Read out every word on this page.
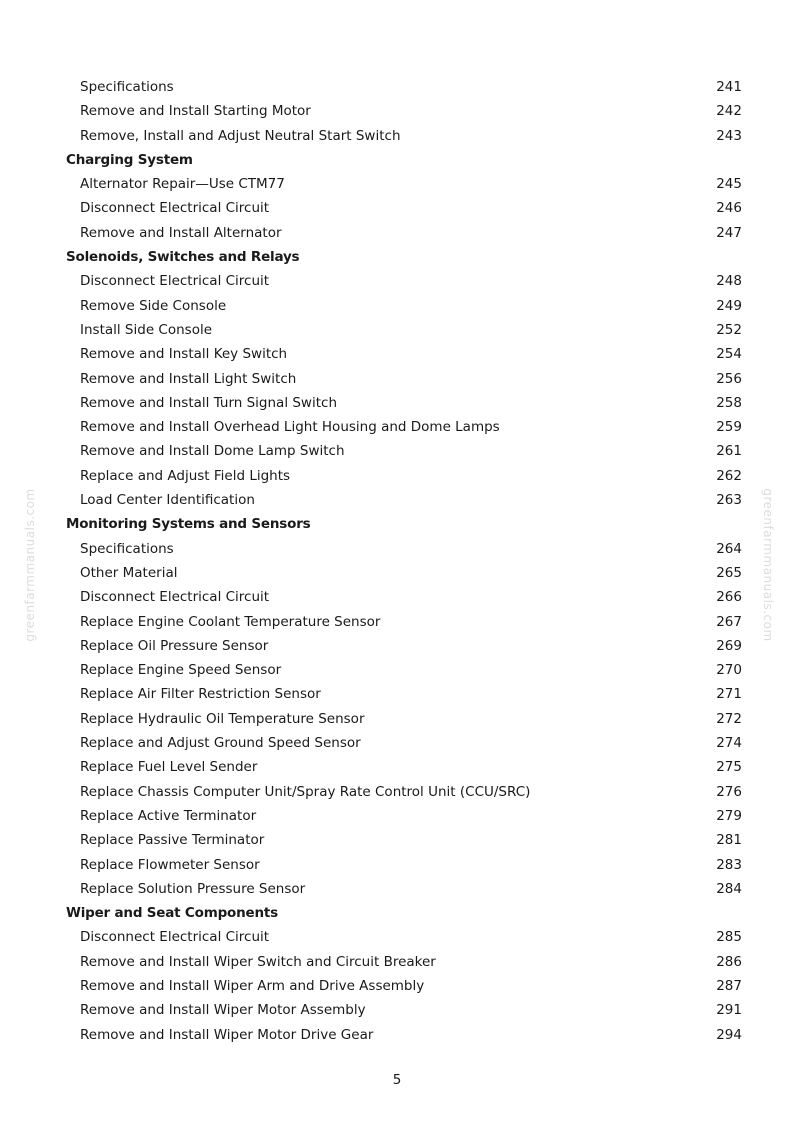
Specifications	241
Remove and Install Starting Motor	242
Remove, Install and Adjust Neutral Start Switch	243
Charging System
Alternator Repair—Use CTM77	245
Disconnect Electrical Circuit	246
Remove and Install Alternator	247
Solenoids, Switches and Relays
Disconnect Electrical Circuit	248
Remove Side Console	249
Install Side Console	252
Remove and Install Key Switch	254
Remove and Install Light Switch	256
Remove and Install Turn Signal Switch	258
Remove and Install Overhead Light Housing and Dome Lamps	259
Remove and Install Dome Lamp Switch	261
Replace and Adjust Field Lights	262
Load Center Identification	263
Monitoring Systems and Sensors
Specifications	264
Other Material	265
Disconnect Electrical Circuit	266
Replace Engine Coolant Temperature Sensor	267
Replace Oil Pressure Sensor	269
Replace Engine Speed Sensor	270
Replace Air Filter Restriction Sensor	271
Replace Hydraulic Oil Temperature Sensor	272
Replace and Adjust Ground Speed Sensor	274
Replace Fuel Level Sender	275
Replace Chassis Computer Unit/Spray Rate Control Unit (CCU/SRC)	276
Replace Active Terminator	279
Replace Passive Terminator	281
Replace Flowmeter Sensor	283
Replace Solution Pressure Sensor	284
Wiper and Seat Components
Disconnect Electrical Circuit	285
Remove and Install Wiper Switch and Circuit Breaker	286
Remove and Install Wiper Arm and Drive Assembly	287
Remove and Install Wiper Motor Assembly	291
Remove and Install Wiper Motor Drive Gear	294
greenfarmmanuals.com	greenfarmmanuals.com
5
